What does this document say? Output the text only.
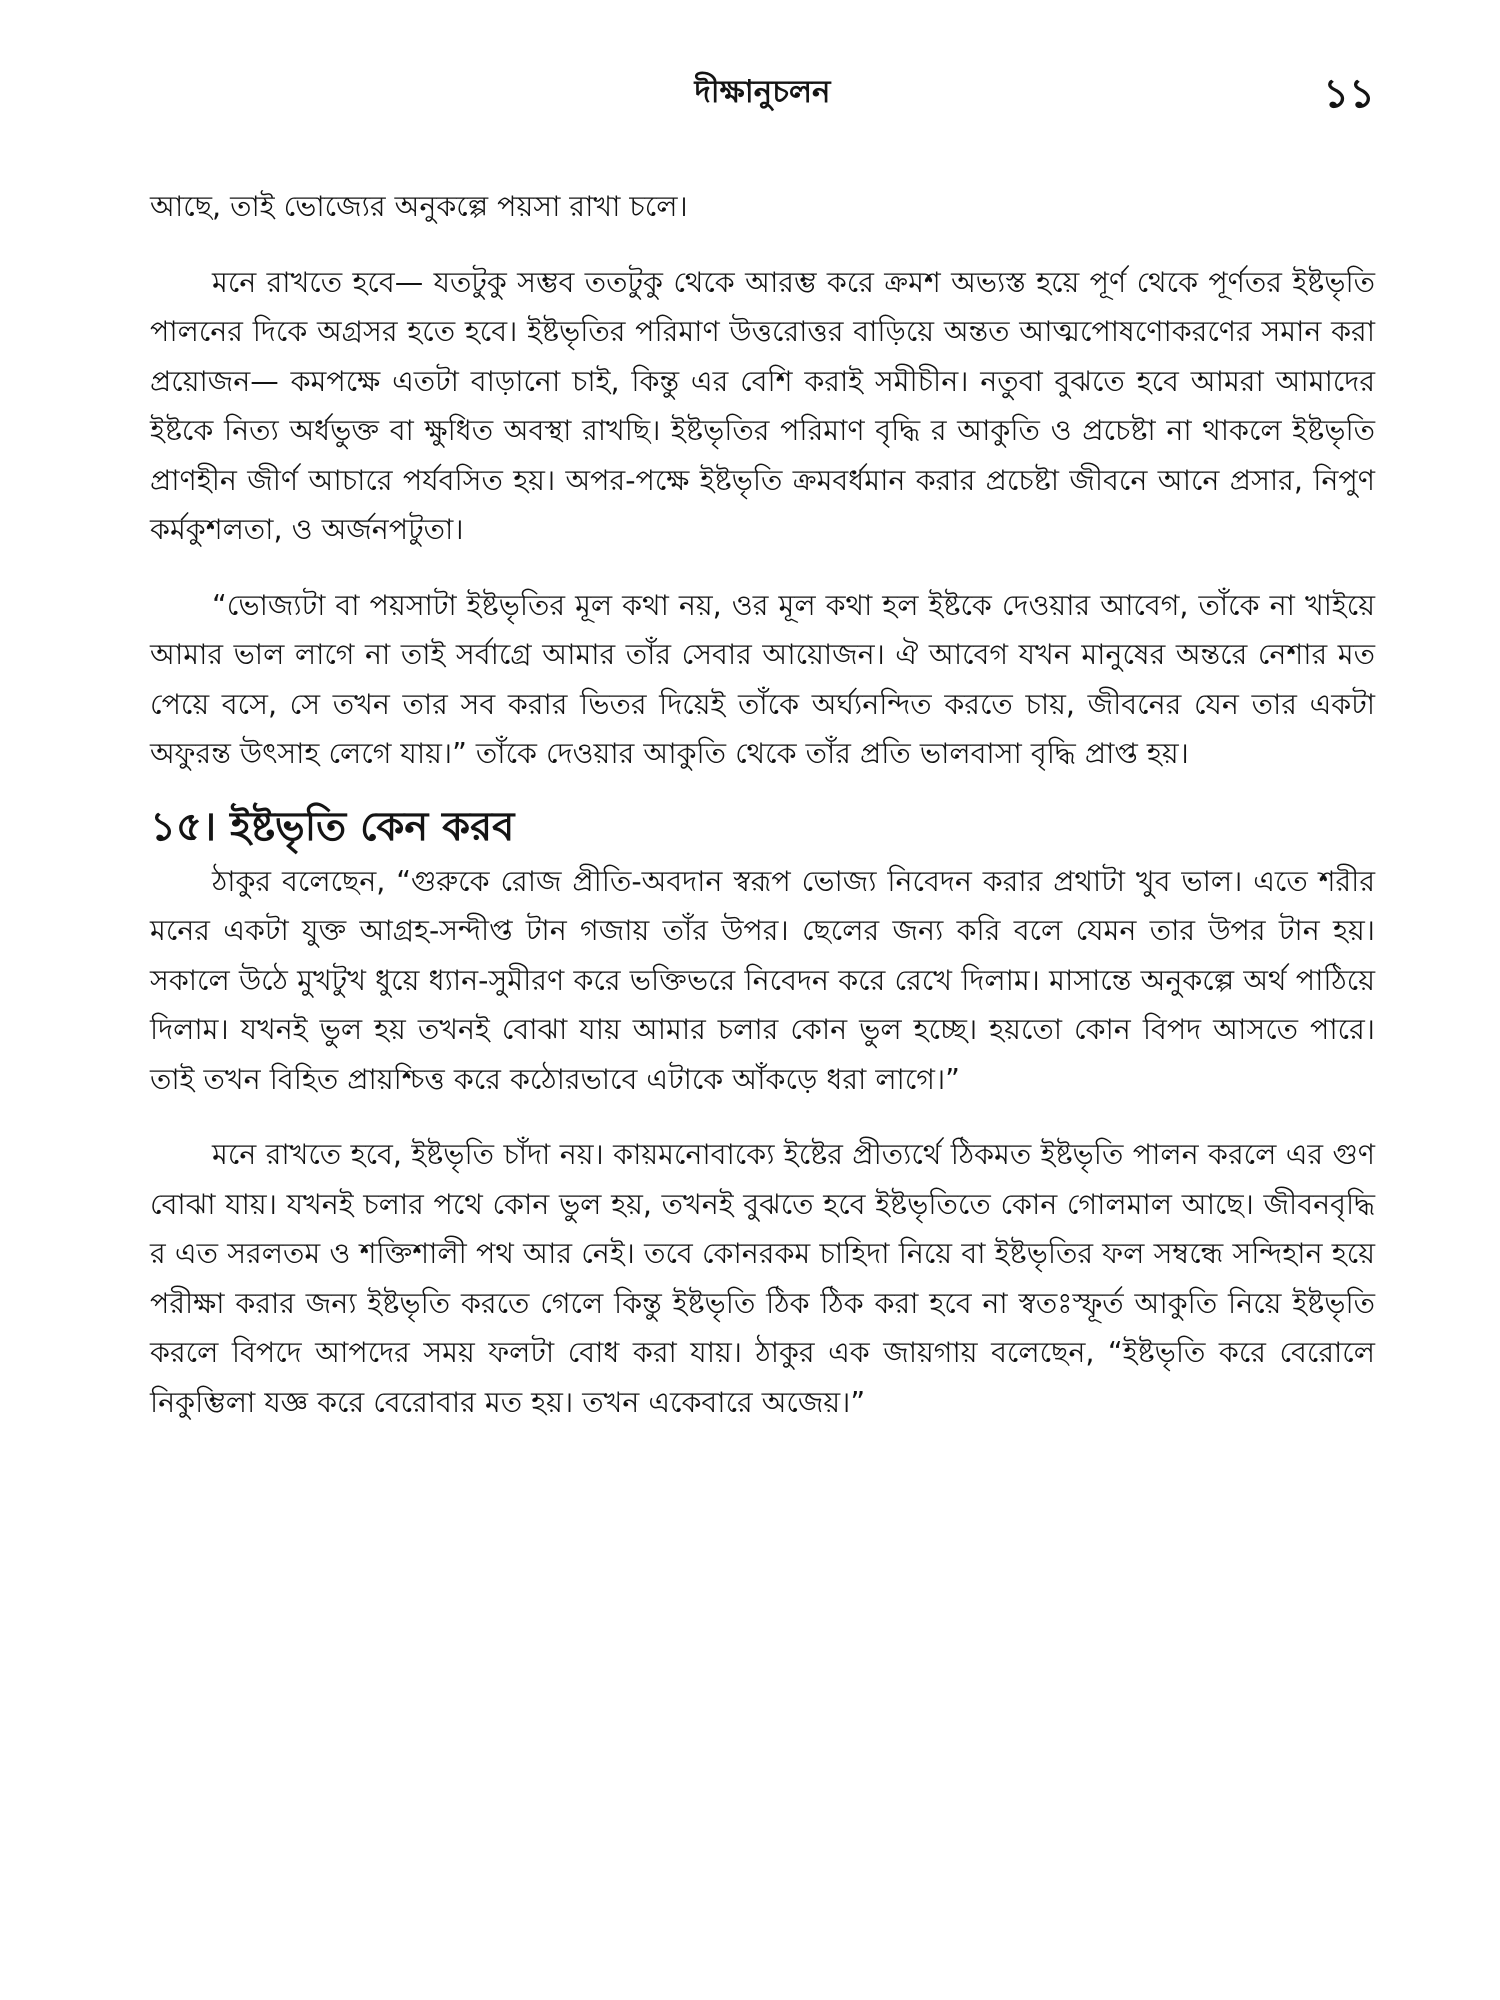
দীক্ষানুচলন	১১

আছে, তাই ভোজ্যের অনুকল্পে পয়সা রাখা চলে।

মনে রাখতে হবে— যতটুকু সম্ভব ততটুকু থেকে আরম্ভ করে ক্রমশ অভ্যস্ত হয়ে পূর্ণ থেকে পূর্ণতর ইষ্টভৃতি পালনের দিকে অগ্রসর হতে হবে। ইষ্টভৃতির পরিমাণ উত্তরোত্তর বাড়িয়ে অন্তত আত্মপোষণোকরণের সমান করা প্রয়োজন— কমপক্ষে এতটা বাড়ানো চাই, কিন্তু এর বেশি করাই সমীচীন। নতুবা বুঝতে হবে আমরা আমাদের ইষ্টকে নিত্য অর্ধভুক্ত বা ক্ষুধিত অবস্থা রাখছি। ইষ্টভৃতির পরিমাণ বৃদ্ধি র আকুতি ও প্রচেষ্টা না থাকলে ইষ্টভৃতি প্রাণহীন জীর্ণ আচারে পর্যবসিত হয়। অপর-পক্ষে ইষ্টভৃতি ক্রমবর্ধমান করার প্রচেষ্টা জীবনে আনে প্রসার, নিপুণ কর্মকুশলতা, ও অর্জনপটুতা।

“ভোজ্যটা বা পয়সাটা ইষ্টভৃতির মূল কথা নয়, ওর মূল কথা হল ইষ্টকে দেওয়ার আবেগ, তাঁকে না খাইয়ে আমার ভাল লাগে না তাই সর্বাগ্রে আমার তাঁর সেবার আয়োজন। ঐ আবেগ যখন মানুষের অন্তরে নেশার মত পেয়ে বসে, সে তখন তার সব করার ভিতর দিয়েই তাঁকে অর্ঘ্যনন্দিত করতে চায়, জীবনের যেন তার একটা অফুরন্ত উৎসাহ লেগে যায়।” তাঁকে দেওয়ার আকুতি থেকে তাঁর প্রতি ভালবাসা বৃদ্ধি প্রাপ্ত হয়।

১৫। ইষ্টভৃতি কেন করব

ঠাকুর বলেছেন, “গুরুকে রোজ প্রীতি-অবদান স্বরূপ ভোজ্য নিবেদন করার প্রথাটা খুব ভাল। এতে শরীর মনের একটা যুক্ত আগ্রহ-সন্দীপ্ত টান গজায় তাঁর উপর। ছেলের জন্য করি বলে যেমন তার উপর টান হয়। সকালে উঠে মুখটুখ ধুয়ে ধ্যান-সুমীরণ করে ভক্তিভরে নিবেদন করে রেখে দিলাম। মাসান্তে অনুকল্পে অর্থ পাঠিয়ে দিলাম। যখনই ভুল হয় তখনই বোঝা যায় আমার চলার কোন ভুল হচ্ছে। হয়তো কোন বিপদ আসতে পারে। তাই তখন বিহিত প্রায়শ্চিত্ত করে কঠোরভাবে এটাকে আঁকড়ে ধরা লাগে।”

মনে রাখতে হবে, ইষ্টভৃতি চাঁদা নয়। কায়মনোবাক্যে ইষ্টের প্রীত্যর্থে ঠিকমত ইষ্টভৃতি পালন করলে এর গুণ বোঝা যায়। যখনই চলার পথে কোন ভুল হয়, তখনই বুঝতে হবে ইষ্টভৃতিতে কোন গোলমাল আছে। জীবনবৃদ্ধি র এত সরলতম ও শক্তিশালী পথ আর নেই। তবে কোনরকম চাহিদা নিয়ে বা ইষ্টভৃতির ফল সম্বন্ধে সন্দিহান হয়ে পরীক্ষা করার জন্য ইষ্টভৃতি করতে গেলে কিন্তু ইষ্টভৃতি ঠিক ঠিক করা হবে না স্বতঃস্ফূর্ত আকুতি নিয়ে ইষ্টভৃতি করলে বিপদে আপদের সময় ফলটা বোধ করা যায়। ঠাকুর এক জায়গায় বলেছেন, “ইষ্টভৃতি করে বেরোলে নিকুম্ভিলা যজ্ঞ করে বেরোবার মত হয়। তখন একেবারে অজেয়।”
